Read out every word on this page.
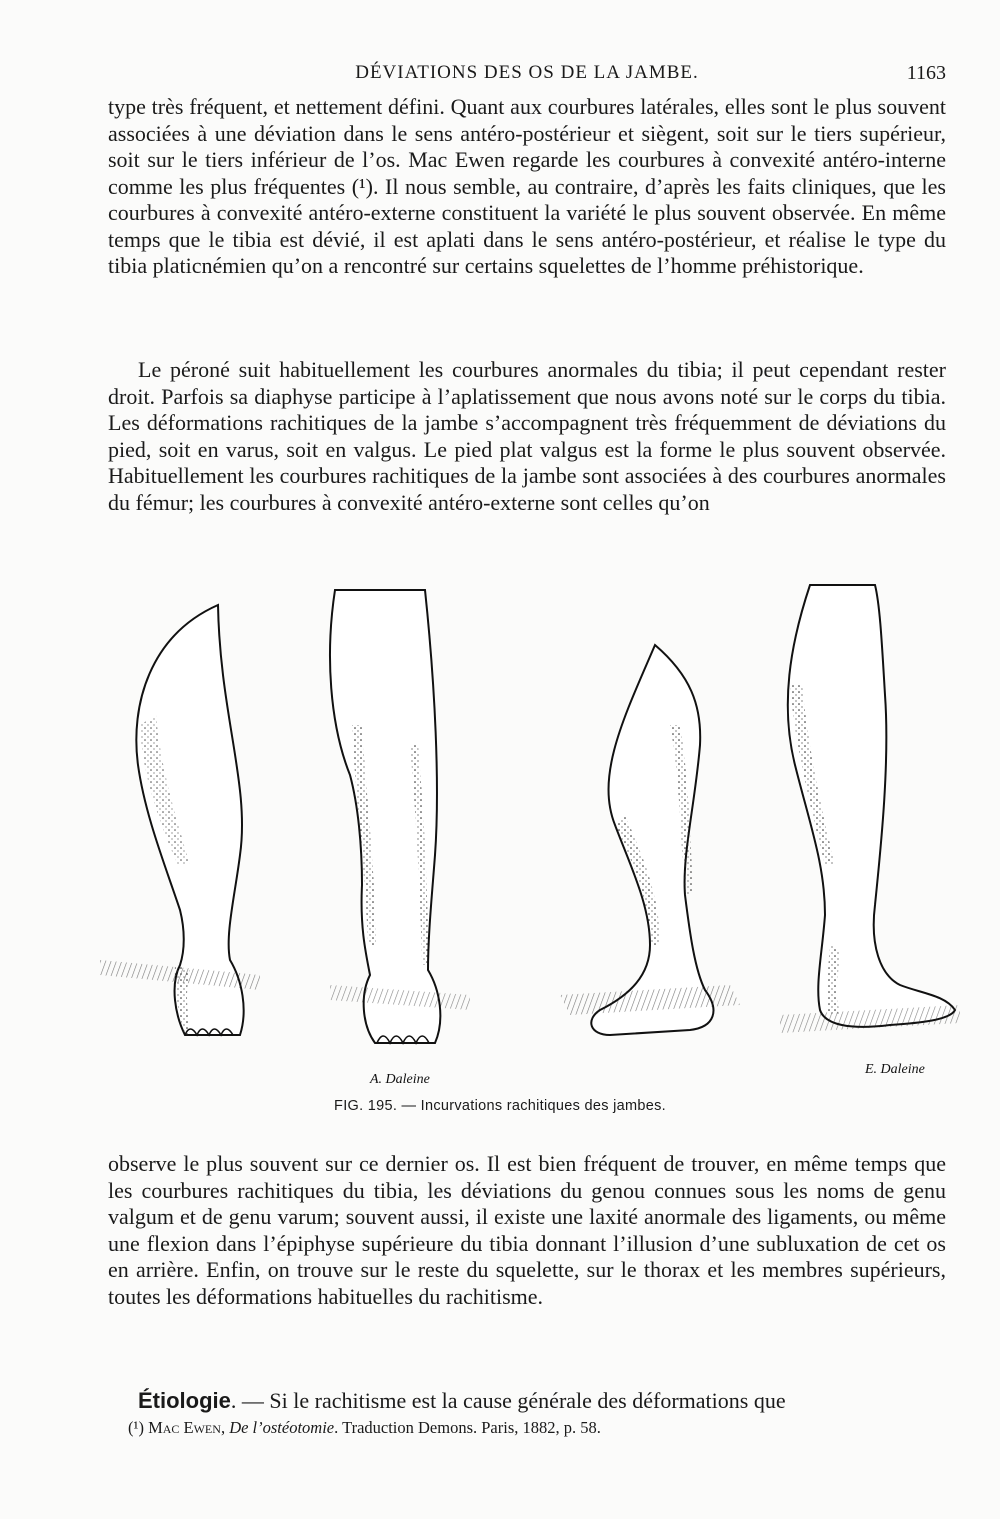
DÉVIATIONS DES OS DE LA JAMBE.	1163

type très fréquent, et nettement défini. Quant aux courbures latérales, elles sont le plus souvent associées à une déviation dans le sens antéro-postérieur et siègent, soit sur le tiers supérieur, soit sur le tiers inférieur de l’os. Mac Ewen regarde les courbures à convexité antéro-interne comme les plus fréquentes (¹). Il nous semble, au contraire, d’après les faits cliniques, que les courbures à convexité antéro-externe constituent la variété le plus souvent observée. En même temps que le tibia est dévié, il est aplati dans le sens antéro-postérieur, et réalise le type du tibia platicnémien qu’on a rencontré sur certains squelettes de l’homme préhistorique.

Le péroné suit habituellement les courbures anormales du tibia; il peut cependant rester droit. Parfois sa diaphyse participe à l’aplatissement que nous avons noté sur le corps du tibia. Les déformations rachitiques de la jambe s’accompagnent très fréquemment de déviations du pied, soit en varus, soit en valgus. Le pied plat valgus est la forme le plus souvent observée. Habituellement les courbures rachitiques de la jambe sont associées à des courbures anormales du fémur; les courbures à convexité antéro-externe sont celles qu’on

A. Daleine
E. Daleine
FIG. 195. — Incurvations rachitiques des jambes.

observe le plus souvent sur ce dernier os. Il est bien fréquent de trouver, en même temps que les courbures rachitiques du tibia, les déviations du genou connues sous les noms de genu valgum et de genu varum; souvent aussi, il existe une laxité anormale des ligaments, ou même une flexion dans l’épiphyse supérieure du tibia donnant l’illusion d’une subluxation de cet os en arrière. Enfin, on trouve sur le reste du squelette, sur le thorax et les membres supérieurs, toutes les déformations habituelles du rachitisme.

Étiologie. — Si le rachitisme est la cause générale des déformations que

(¹) Mac Ewen, De l’ostéotomie. Traduction Demons. Paris, 1882, p. 58.
